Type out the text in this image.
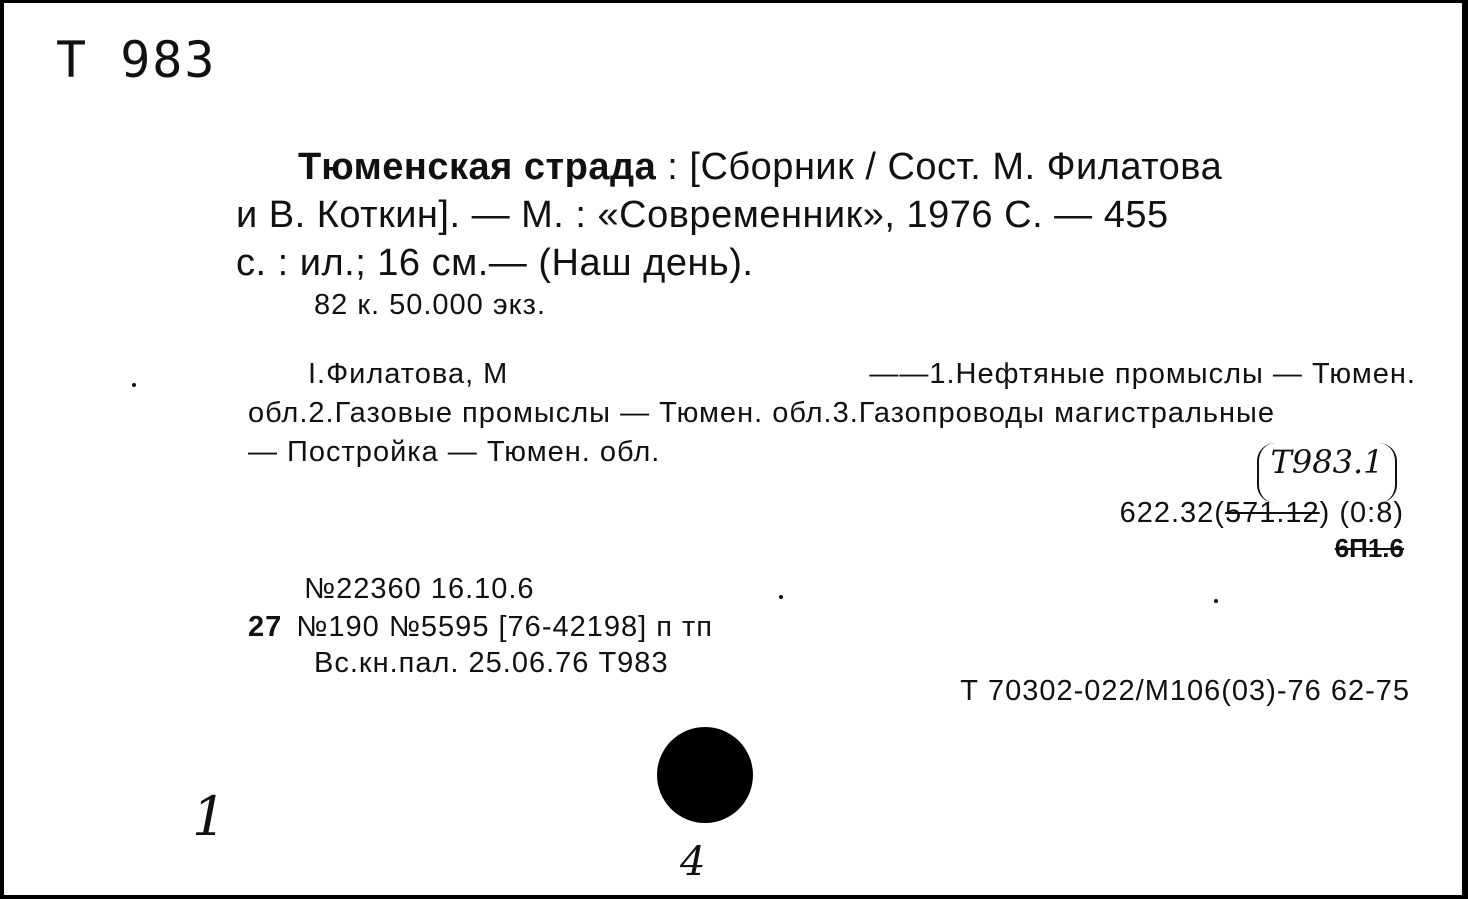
Т 983
Тюменская страда : [Сборник / Сост. М. Филатова
и В. Коткин]. — М. : «Современник», 1976 С. — 455
с. : ил.; 16 см.— (Наш день).
82 к. 50.000 экз.
I.Филатова, М	——1.Нефтяные промыслы — Тюмен.
обл.2.Газовые промыслы — Тюмен. обл.3.Газопроводы магистральные
— Постройка — Тюмен. обл.	Т983.1
622.32(571.12) (0:8)
6П1.6
№22360 16.10.6
27 №190 №5595 [76-42198] п тп
Вс.кн.пал. 25.06.76 Т983
Т 70302-022/М106(03)-76 62-75
1
4
